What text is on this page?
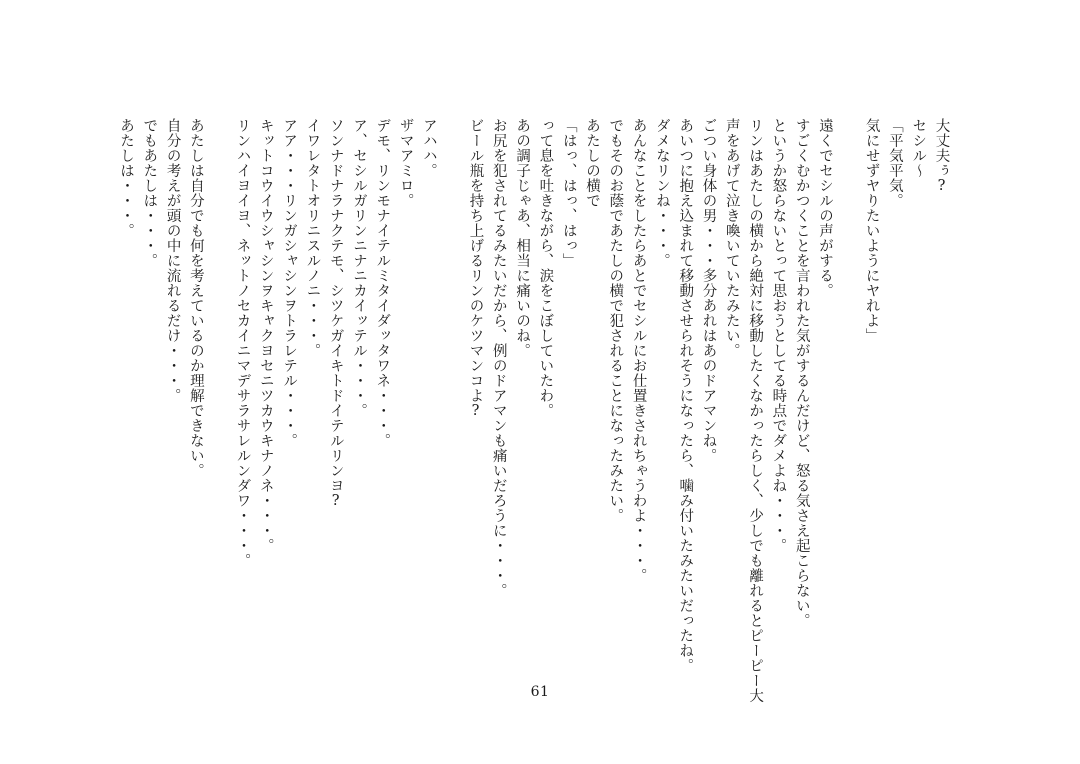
大丈夫ぅ?
セシル〜
「平気平気。
気にせずヤりたいようにヤれよ」
遠くでセシルの声がする。
すごくむかつくことを言われた気がするんだけど、怒る気さえ起こらない。
というか怒らないとって思おうとしてる時点でダメよね・・・。
リンはあたしの横から絶対に移動したくなかったらしく、少しでも離れるとピーピー大
声をあげて泣き喚いていたみたい。
ごつい身体の男・・・多分あれはあのドアマンね。
あいつに抱え込まれて移動させられそうになったら、噛み付いたみたいだったね。
ダメなリンね・・・。
あんなことをしたらあとでセシルにお仕置きされちゃうわよ・・・。
でもそのお蔭であたしの横で犯されることになったみたい。
あたしの横で
「はっ、はっ、はっ」
って息を吐きながら、涙をこぼしていたわ。
あの調子じゃあ、相当に痛いのね。
お尻を犯されてるみたいだから、例のドアマンも痛いだろうに・・・。
ビール瓶を持ち上げるリンのケツマンコよ?
アハハ。
ザマアミロ。
デモ、リンモナイテルミタイダッタワネ・・・。
ア、セシルガリンニナニカイッテル・・・。
ソンナドナラナクテモ、シツケガイキトドイテルリンヨ?
イワレタトオリニスルノニ・・・。
アア・・・リンガシャシンヲトラレテル・・・。
キットコウイウシャシンヲキャクヨセニツカウキナノネ・・・。
リンハイヨイヨ、ネットノセカイニマデサラサレルンダワ・・・。
あたしは自分でも何を考えているのか理解できない。
自分の考えが頭の中に流れるだけ・・・。
でもあたしは・・・。
あたしは・・・。
61
